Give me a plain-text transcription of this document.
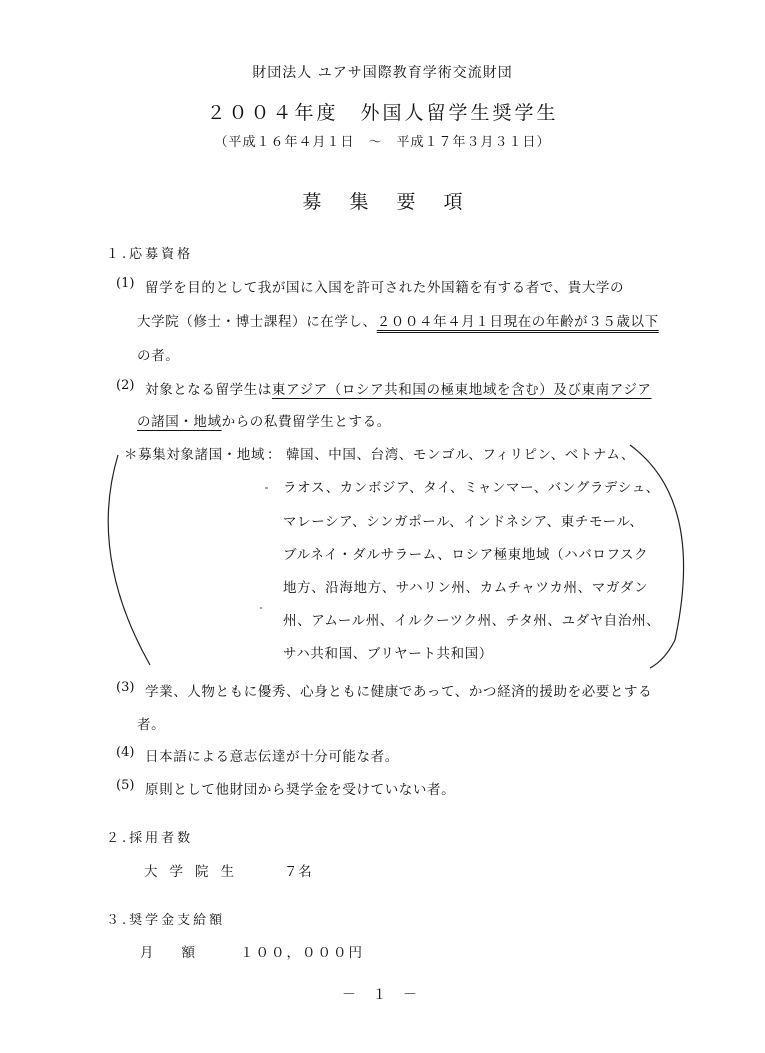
財団法人 ユアサ国際教育学術交流財団
２００４年度　外国人留学生奨学生
（平成１６年４月１日　～　平成１７年３月３１日）
募集要項
１.応募資格
(1) 留学を目的として我が国に入国を許可された外国籍を有する者で、貴大学の
大学院（修士・博士課程）に在学し、２００４年４月１日現在の年齢が３５歳以下
の者。
(2) 対象となる留学生は東アジア（ロシア共和国の極東地域を含む）及び東南アジア
の諸国・地域からの私費留学生とする。
＊募集対象諸国・地域 ： 韓国、中国、台湾、モンゴル、フィリピン、ベトナム、
ラオス、カンボジア、タイ、ミャンマー、バングラデシュ、
マレーシア、シンガポール、インドネシア、東チモール、
ブルネイ・ダルサラーム、ロシア極東地域（ハバロフスク
地方、沿海地方、サハリン州、カムチャツカ州、マガダン
州、アムール州、イルクーツク州、チタ州、ユダヤ自治州、
サハ共和国、ブリヤート共和国）
(3) 学業、人物ともに優秀、心身ともに健康であって、かつ経済的援助を必要とする
者。
(4) 日本語による意志伝達が十分可能な者。
(5) 原則として他財団から奨学金を受けていない者。
２.採用者数
大学院生	７名
３.奨学金支給額
月額 １００，０００円
－ １ －
